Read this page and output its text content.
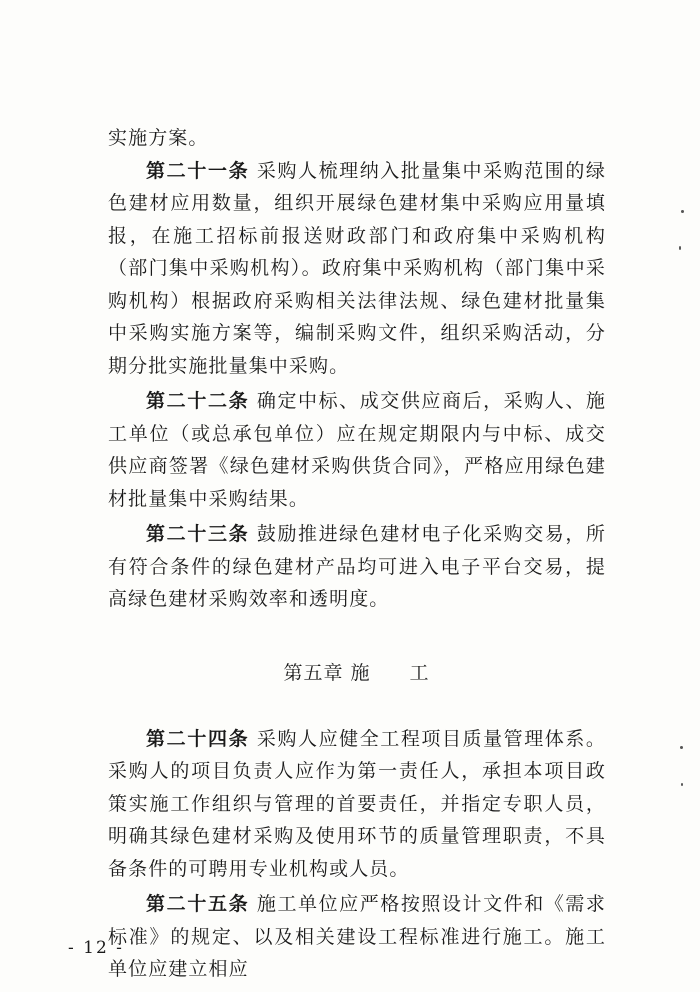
实施方案。

第二十一条 采购人梳理纳入批量集中采购范围的绿色建材应用数量，组织开展绿色建材集中采购应用量填报，在施工招标前报送财政部门和政府集中采购机构（部门集中采购机构）。政府集中采购机构（部门集中采购机构）根据政府采购相关法律法规、绿色建材批量集中采购实施方案等，编制采购文件，组织采购活动，分期分批实施批量集中采购。

第二十二条 确定中标、成交供应商后，采购人、施工单位（或总承包单位）应在规定期限内与中标、成交供应商签署《绿色建材采购供货合同》，严格应用绿色建材批量集中采购结果。

第二十三条 鼓励推进绿色建材电子化采购交易，所有符合条件的绿色建材产品均可进入电子平台交易，提高绿色建材采购效率和透明度。

第五章 施 工

第二十四条 采购人应健全工程项目质量管理体系。采购人的项目负责人应作为第一责任人，承担本项目政策实施工作组织与管理的首要责任，并指定专职人员，明确其绿色建材采购及使用环节的质量管理职责，不具备条件的可聘用专业机构或人员。

第二十五条 施工单位应严格按照设计文件和《需求标准》的规定、以及相关建设工程标准进行施工。施工单位应建立相应

- 12 -
